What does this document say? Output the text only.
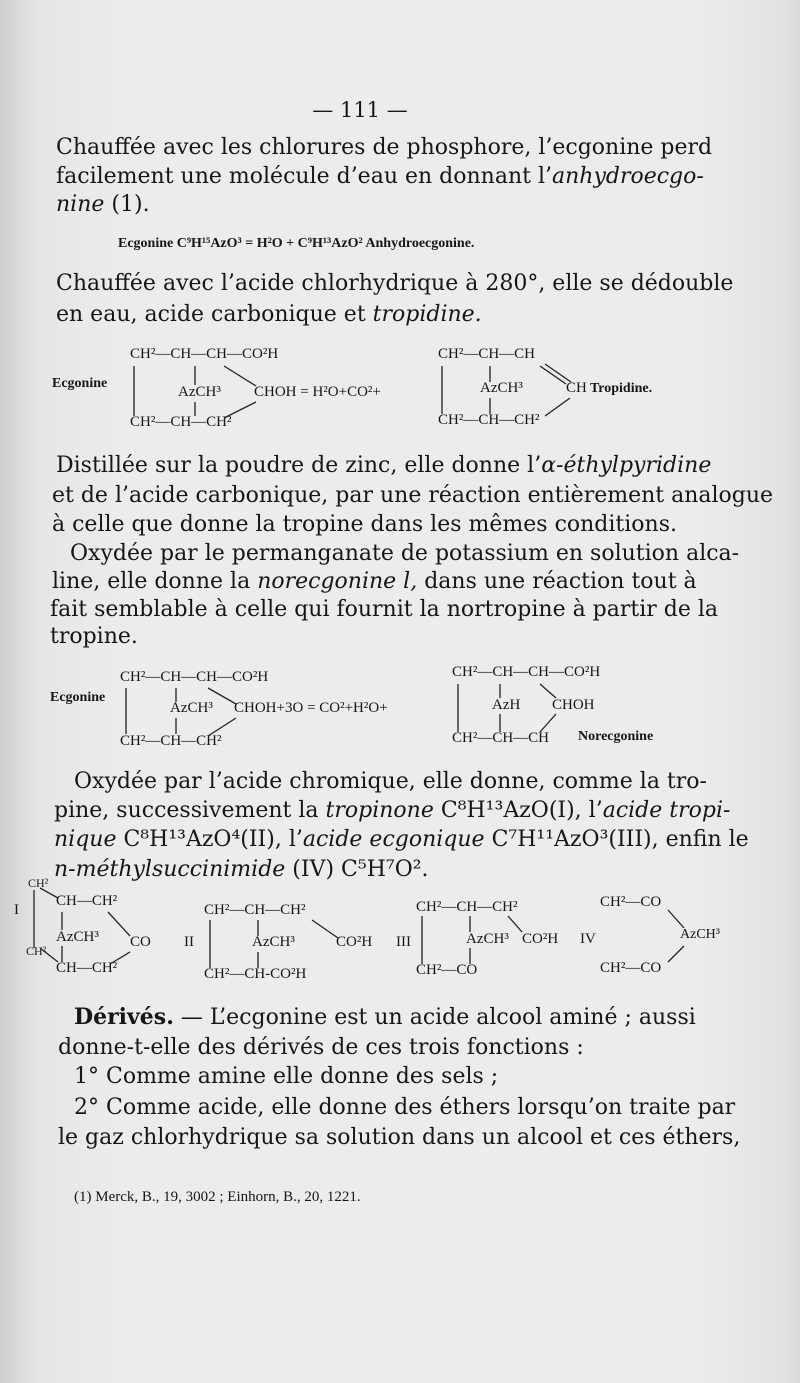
— 111 —
Chauffée avec les chlorures de phosphore, l’ecgonine perd
facilement une molécule d’eau en donnant l’anhydroecgo-
nine (1).
Ecgonine C⁹H¹⁵AzO³ = H²O + C⁹H¹³AzO² Anhydroecgonine.
Chauffée avec l’acide chlorhydrique à 280°, elle se dédouble
en eau, acide carbonique et tropidine.
Ecgonine
CH²—CH—CH—CO²H
AzCH³ CHOH = H²O+CO²+
CH²—CH—CH²
CH²—CH—CH
AzCH³	CH Tropidine.
CH²—CH—CH²
Distillée sur la poudre de zinc, elle donne l’α-éthylpyridine
et de l’acide carbonique, par une réaction entièrement analogue
à celle que donne la tropine dans les mêmes conditions.
Oxydée par le permanganate de potassium en solution alca-
line, elle donne la norecgonine l, dans une réaction tout à
fait semblable à celle qui fournit la nortropine à partir de la
tropine.
Ecgonine
CH²—CH—CH—CO²H
AzCH³ CHOH+3O = CO²+H²O+
CH²—CH—CH²
CH²—CH—CH—CO²H
AzH CHOH
CH²—CH—CH Norecgonine
Oxydée par l’acide chromique, elle donne, comme la tro-
pine, successivement la tropinone C⁸H¹³AzO(I), l’acide tropi-
nique C⁸H¹³AzO⁴(II), l’acide ecgonique C⁷H¹¹AzO³(III), enfin le
n-méthylsuccinimide (IV) C⁵H⁷O².
I
CH²
CH—CH²
AzCH³ CO
CH—CH²
CH²
II
CH²—CH—CH²
AzCH³	CO²H
CH²—CH-CO²H
III
CH²—CH—CH²
AzCH³ CO²H
CH²—CO
IV
CH²—CO
AzCH³
CH²—CO
Dérivés. — L’ecgonine est un acide alcool aminé ; aussi
donne-t-elle des dérivés de ces trois fonctions :
1° Comme amine elle donne des sels ;
2° Comme acide, elle donne des éthers lorsqu’on traite par
le gaz chlorhydrique sa solution dans un alcool et ces éthers,
(1) Merck, B., 19, 3002 ; Einhorn, B., 20, 1221.
